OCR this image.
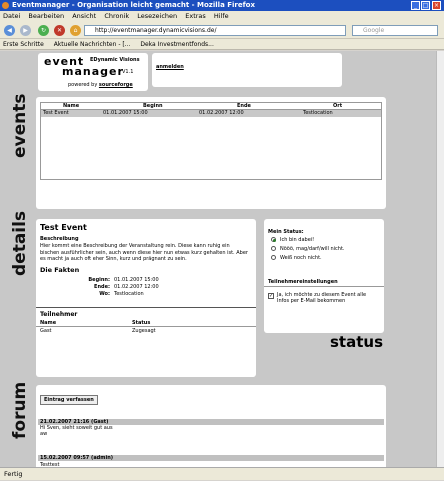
Eventmanager - Organisation leicht gemacht - Mozilla Firefox	_ □ ×
Datei Bearbeiten Ansicht Chronik Lesezeichen Extras Hilfe
◀	▶	↻	✕	⌂	http://eventmanager.dynamicvisions.de/	Google
Erste Schritte Aktuelle Nachrichten - [... Deka Investmentfonds...
event
manager
EDynamic Visions
V1.1
powered by sourceforge
anmelden
events	Name	Beginn	Ende	Ort
Test Event	01.01.2007 15:00	01.02.2007 12:00	Testlocation
details Test Event
Beschreibung
Hier kommt eine Beschreibung der Veranstaltung rein. Diese kann ruhig ein bischen ausführlicher sein, auch wenn diese hier nun etwas kurz gehalten ist. Aber es macht ja auch oft eher Sinn, kurz und prägnant zu sein.
Die Fakten
Beginn: 01.01.2007 15:00
Ende: 01.02.2007 12:00
Wo: Testlocation
Teilnehmer
Name	Status
Gast	Zugesagt
Mein Status:
Ich bin dabei!
Nööö, mag/darf/will nicht.
Weiß noch nicht.
Teilnehmereinstellungen
✓ Ja, ich möchte zu diesem Event alle Infos per E-Mail bekommen
status
forum	Eintrag verfassen
21.02.2007 21:16 (Gast)
Hi Sven, sieht soweit gut aus
aw
15.02.2007 09:57 (admin)
Testtest
Fertig
